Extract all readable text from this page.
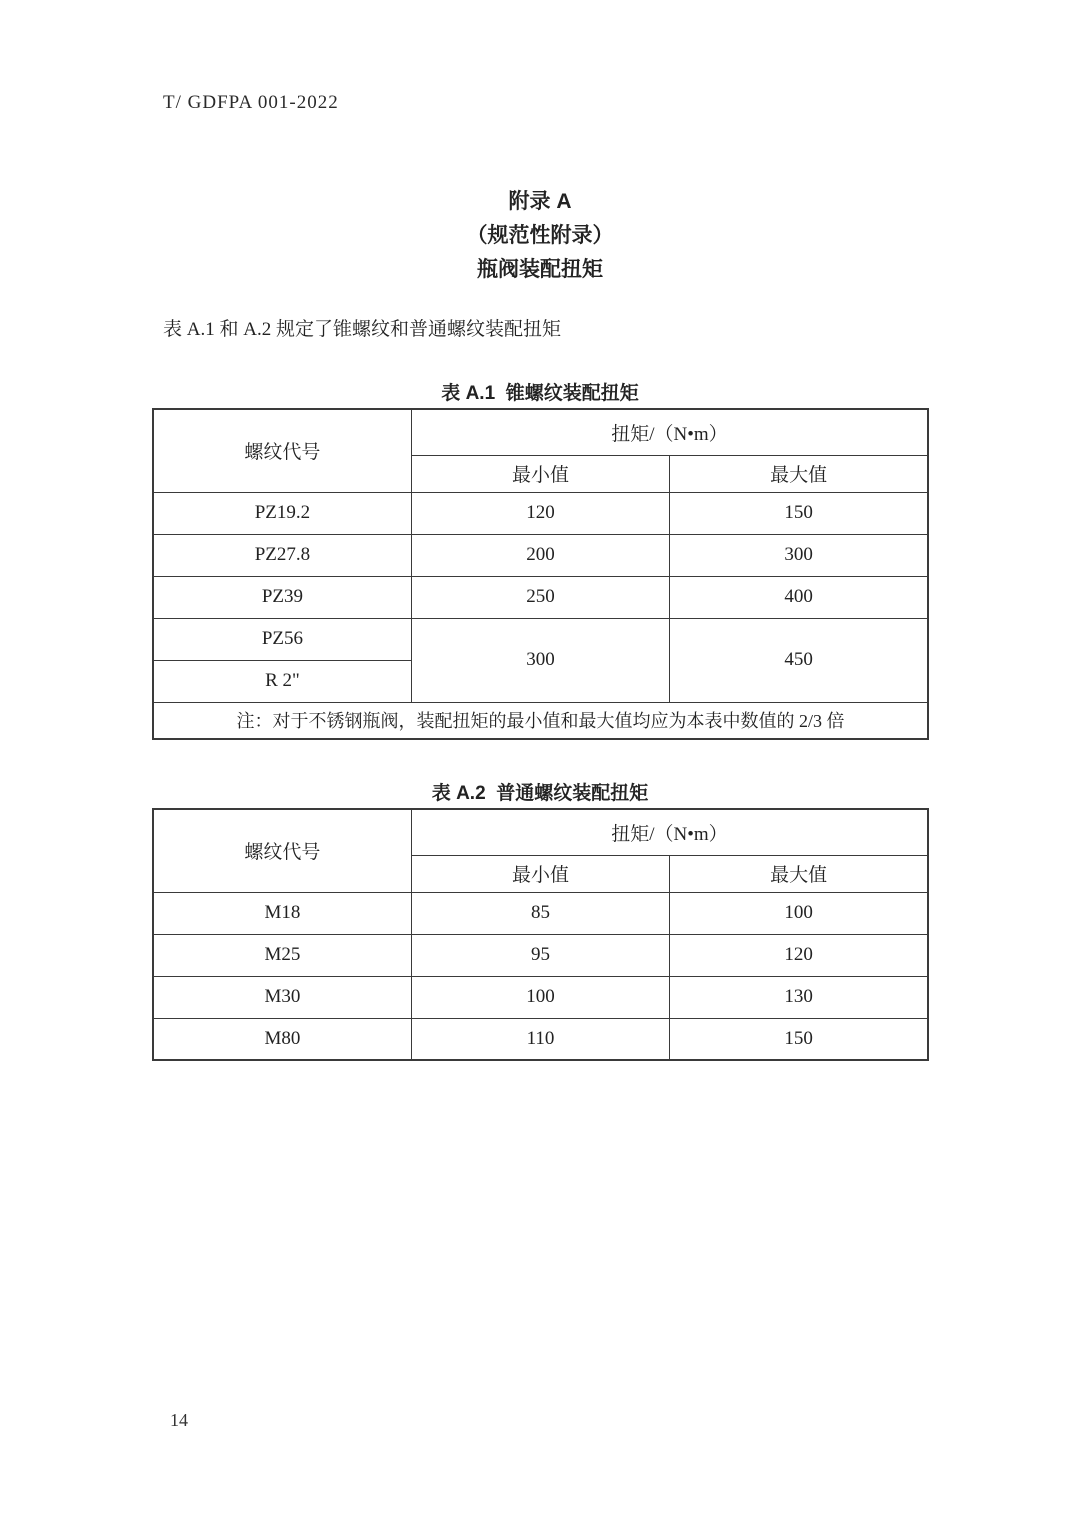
T/ GDFPA 001-2022
附录 A
（规范性附录）
瓶阀装配扭矩
表 A.1 和 A.2 规定了锥螺纹和普通螺纹装配扭矩
表 A.1  锥螺纹装配扭矩
螺纹代号	扭矩/（N•m）	
	最小值	最大值
PZ19.2	120	150
PZ27.8	200	300
PZ39	250	400
PZ56	300	450
R 2"		
注：对于不锈钢瓶阀，装配扭矩的最小值和最大值均应为本表中数值的 2/3 倍		
表 A.2  普通螺纹装配扭矩
螺纹代号	扭矩/（N•m）	
	最小值	最大值
M18	85	100
M25	95	120
M30	100	130
M80	110	150
14
